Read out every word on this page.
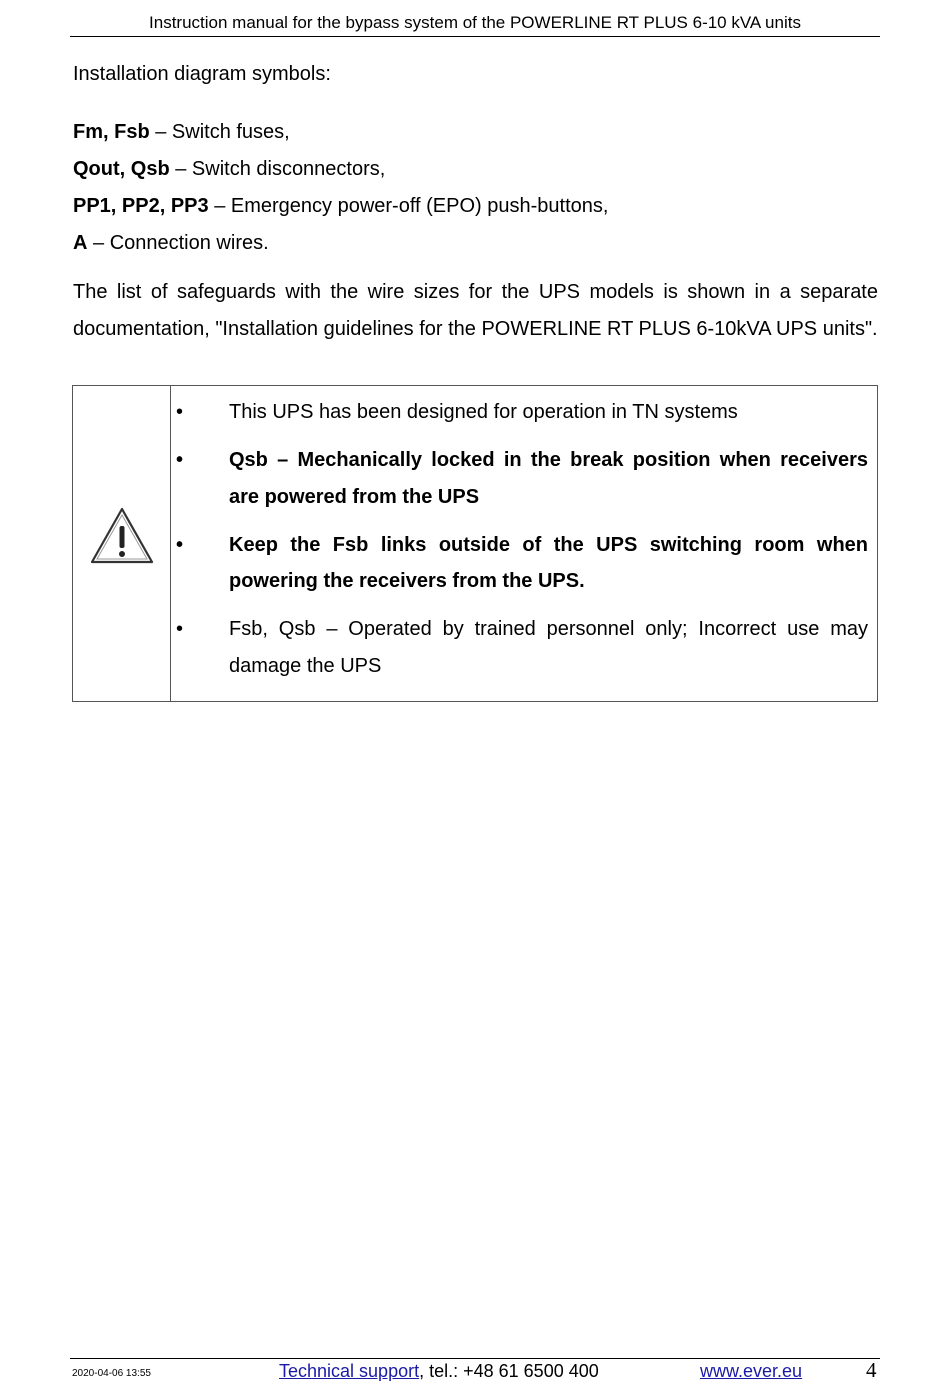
Instruction manual for the bypass system of the POWERLINE RT PLUS 6-10 kVA units
Installation diagram symbols:
Fm, Fsb – Switch fuses,
Qout, Qsb – Switch disconnectors,
PP1, PP2, PP3 – Emergency power-off (EPO) push-buttons,
A – Connection wires.

The list of safeguards with the wire sizes for the UPS models is shown in a separate documentation, "Installation guidelines for the POWERLINE RT PLUS 6-10kVA UPS units".

• This UPS has been designed for operation in TN systems
• Qsb – Mechanically locked in the break position when receivers are powered from the UPS
• Keep the Fsb links outside of the UPS switching room when powering the receivers from the UPS.
• Fsb, Qsb – Operated by trained personnel only; Incorrect use may damage the UPS
2020-04-06 13:55	Technical support, tel.: +48 61 6500 400	www.ever.eu	4
